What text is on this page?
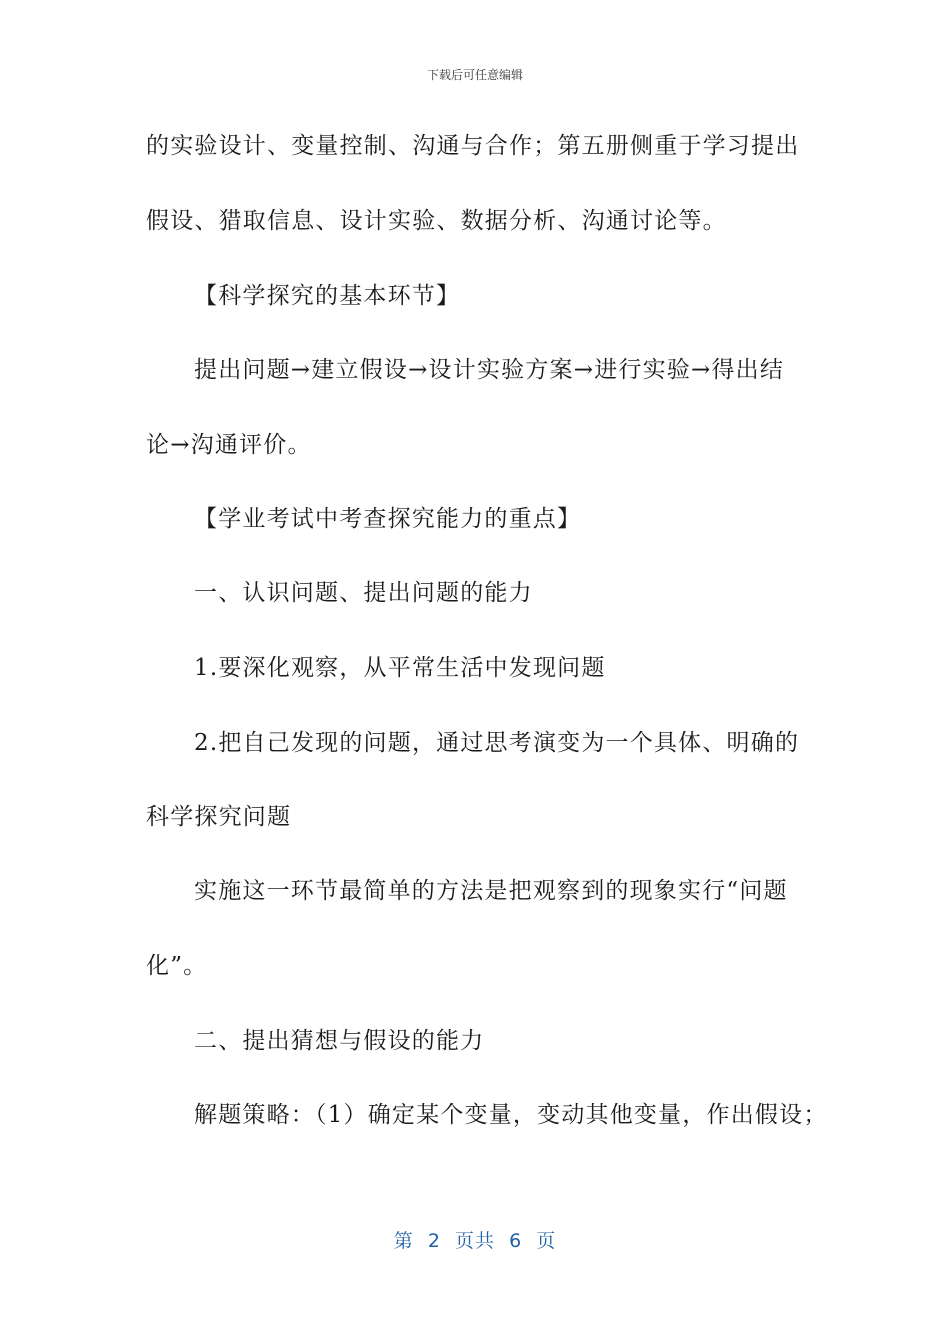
下载后可任意编辑
的实验设计、变量控制、沟通与合作；第五册侧重于学习提出
假设、猎取信息、设计实验、数据分析、沟通讨论等。
【科学探究的基本环节】
提出问题→建立假设→设计实验方案→进行实验→得出结
论→沟通评价。
【学业考试中考查探究能力的重点】
一、认识问题、提出问题的能力
1.要深化观察，从平常生活中发现问题
2.把自己发现的问题，通过思考演变为一个具体、明确的
科学探究问题
实施这一环节最简单的方法是把观察到的现象实行“问题
化”。
二、提出猜想与假设的能力
解题策略：（1）确定某个变量，变动其他变量，作出假设；
第  2  页共  6  页
